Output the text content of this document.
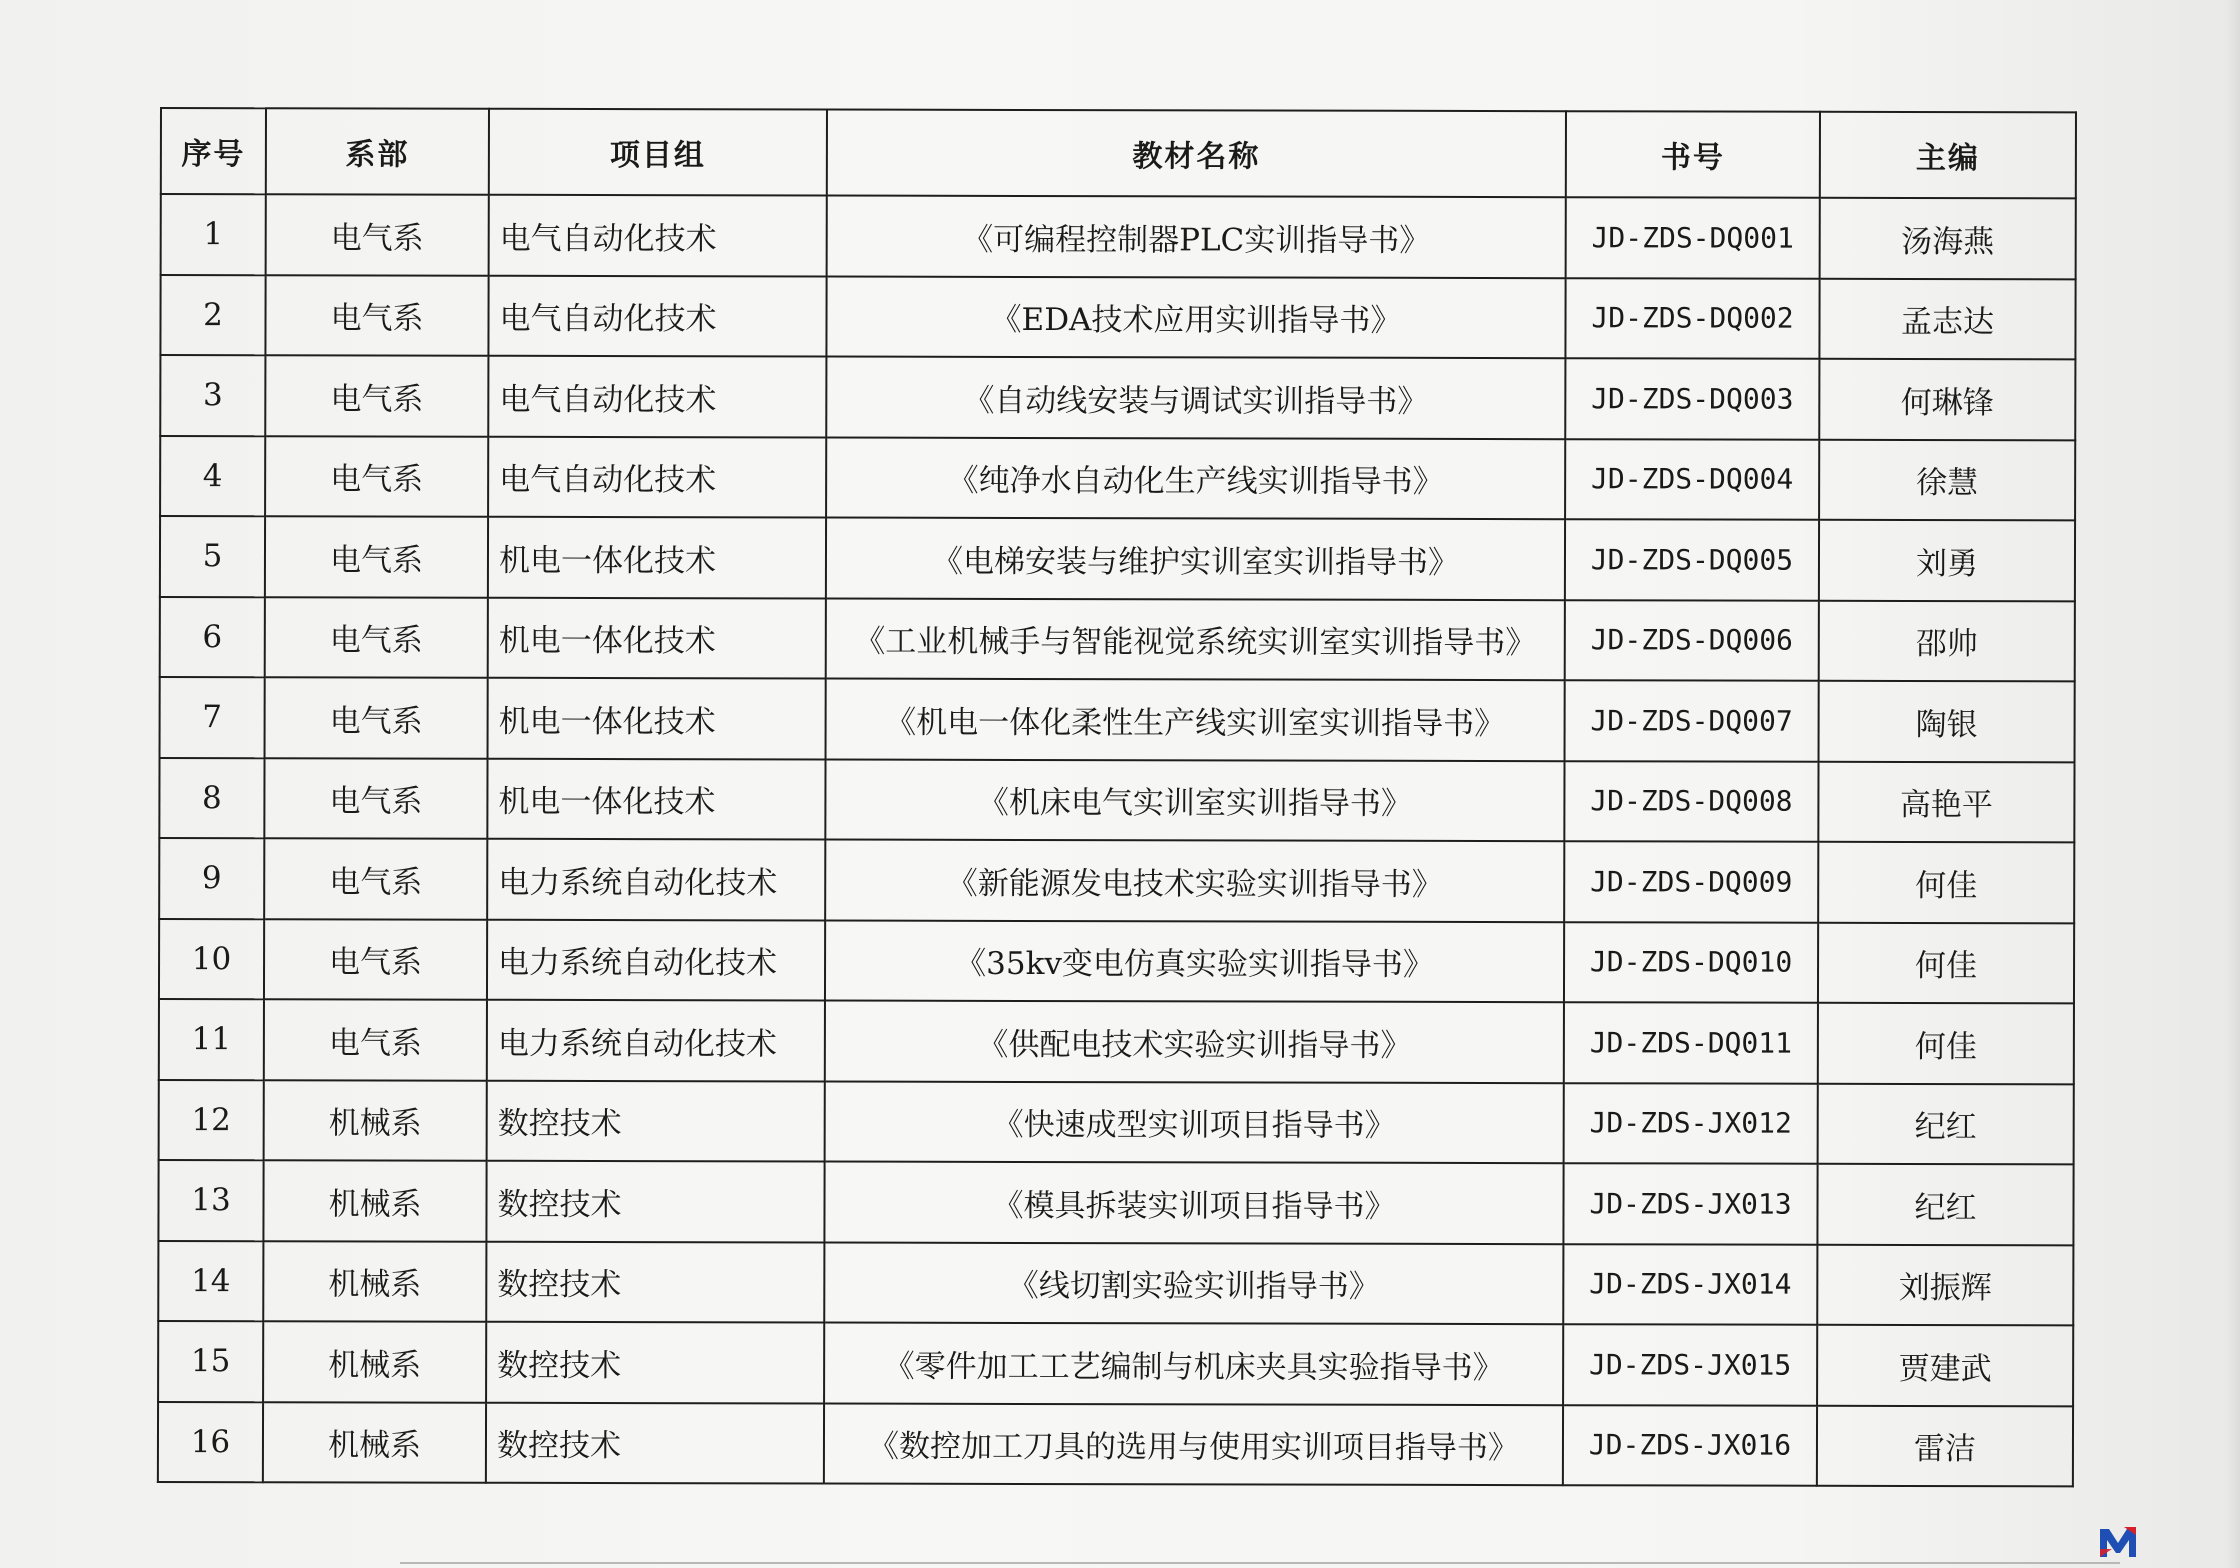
序号	系部	项目组	教材名称	书号	主编
1	电气系	电气自动化技术	《可编程控制器PLC实训指导书》	JD-ZDS-DQ001	汤海燕
2	电气系	电气自动化技术	《EDA技术应用实训指导书》	JD-ZDS-DQ002	孟志达
3	电气系	电气自动化技术	《自动线安装与调试实训指导书》	JD-ZDS-DQ003	何琳锋
4	电气系	电气自动化技术	《纯净水自动化生产线实训指导书》	JD-ZDS-DQ004	徐慧
5	电气系	机电一体化技术	《电梯安装与维护实训室实训指导书》	JD-ZDS-DQ005	刘勇
6	电气系	机电一体化技术	《工业机械手与智能视觉系统实训室实训指导书》	JD-ZDS-DQ006	邵帅
7	电气系	机电一体化技术	《机电一体化柔性生产线实训室实训指导书》	JD-ZDS-DQ007	陶银
8	电气系	机电一体化技术	《机床电气实训室实训指导书》	JD-ZDS-DQ008	高艳平
9	电气系	电力系统自动化技术	《新能源发电技术实验实训指导书》	JD-ZDS-DQ009	何佳
10	电气系	电力系统自动化技术	《35kv变电仿真实验实训指导书》	JD-ZDS-DQ010	何佳
11	电气系	电力系统自动化技术	《供配电技术实验实训指导书》	JD-ZDS-DQ011	何佳
12	机械系	数控技术	《快速成型实训项目指导书》	JD-ZDS-JX012	纪红
13	机械系	数控技术	《模具拆装实训项目指导书》	JD-ZDS-JX013	纪红
14	机械系	数控技术	《线切割实验实训指导书》	JD-ZDS-JX014	刘振辉
15	机械系	数控技术	《零件加工工艺编制与机床夹具实验指导书》	JD-ZDS-JX015	贾建武
16	机械系	数控技术	《数控加工刀具的选用与使用实训项目指导书》	JD-ZDS-JX016	雷洁
